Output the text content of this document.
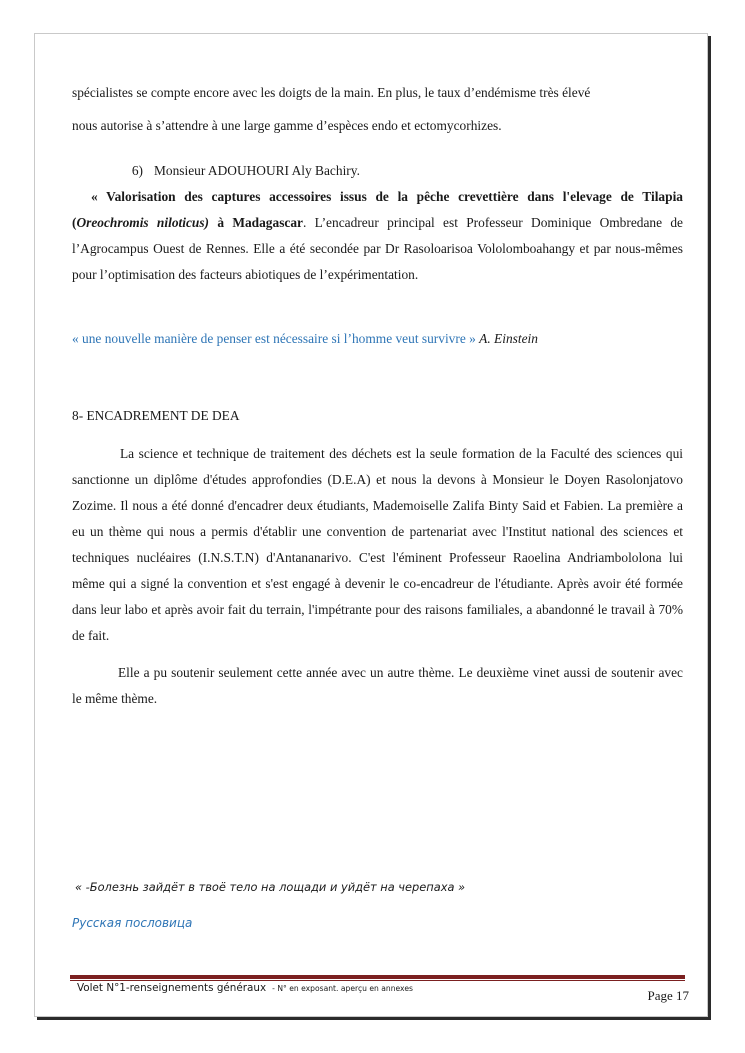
spécialistes se compte encore avec les doigts de la main. En plus, le taux d’endémisme très élevé

nous autorise à s’attendre à une large gamme d’espèces endo et ectomycorhizes.

6) Monsieur ADOUHOURI Aly Bachiry.

« Valorisation des captures accessoires issus de la pêche crevettière dans l'elevage de Tilapia (Oreochromis niloticus) à Madagascar. L’encadreur principal est Professeur Dominique Ombredane de l’Agrocampus Ouest de Rennes. Elle a été secondée par Dr Rasoloarisoa Vololomboahangy et par nous-mêmes pour l’optimisation des facteurs abiotiques de l’expérimentation.

« une nouvelle manière de penser est nécessaire si l’homme veut survivre » A. Einstein

8- ENCADREMENT DE DEA

La science et technique de traitement des déchets est la seule formation de la Faculté des sciences qui sanctionne un diplôme d'études approfondies (D.E.A) et nous la devons à Monsieur le Doyen Rasolonjatovo Zozime. Il nous a été donné d'encadrer deux étudiants, Mademoiselle Zalifa Binty Said et Fabien. La première a eu un thème qui nous a permis d'établir une convention de partenariat avec l'Institut national des sciences et techniques nucléaires (I.N.S.T.N) d'Antananarivo. C'est l'éminent Professeur Raoelina Andriambololona lui même qui a signé la convention et s'est engagé à devenir le co-encadreur de l'étudiante. Après avoir été formée dans leur labo et après avoir fait du terrain, l'impétrante pour des raisons familiales, a abandonné le travail à 70% de fait.

Elle a pu soutenir seulement cette année avec un autre thème. Le deuxième vinet aussi de soutenir avec le même thème.

« -Болезнь зайдёт в твоё тело на лощади и уйдёт на черепаха »
Русская пословица
Volet N°1-renseignements généraux - N° en exposant. aperçu en annexes	Page 17
